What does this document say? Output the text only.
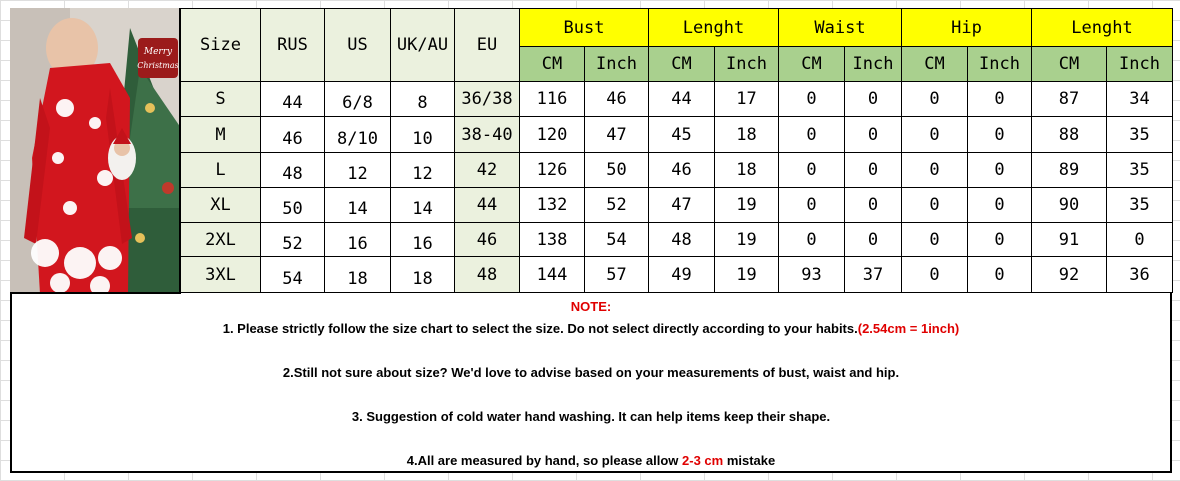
Merry
Christmas
Size	RUS	US	UK/AU	EU	Bust		Lenght		Waist		Hip		Lenght	
					CM	Inch	CM	Inch	CM	Inch	CM	Inch	CM	Inch
S	44	6/8	8	36/38	116	46	44	17	0	0	0	0	87	34
M	46	8/10	10	38-40	120	47	45	18	0	0	0	0	88	35
L	48	12	12	42	126	50	46	18	0	0	0	0	89	35
XL	50	14	14	44	132	52	47	19	0	0	0	0	90	35
2XL	52	16	16	46	138	54	48	19	0	0	0	0	91	0
3XL	54	18	18	48	144	57	49	19	93	37	0	0	92	36
NOTE:
1. Please strictly follow the size chart to select the size. Do not select directly according to your habits.(2.54cm = 1inch)
2.Still not sure about size? We'd love to advise based on your measurements of bust, waist and hip.
3. Suggestion of cold water hand washing. It can help items keep their shape.
4.All are measured by hand, so please allow 2-3 cm mistake
